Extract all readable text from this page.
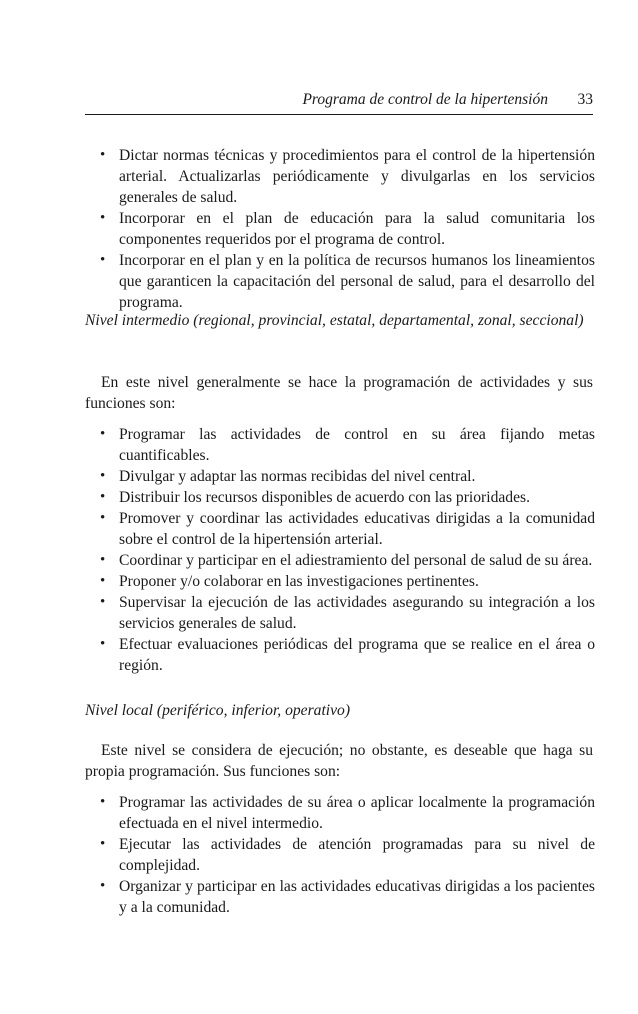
Programa de control de la hipertensión 33
• Dictar normas técnicas y procedimientos para el control de la hipertensión arterial. Actualizarlas periódicamente y divulgarlas en los servicios generales de salud.
• Incorporar en el plan de educación para la salud comunitaria los componentes requeridos por el programa de control.
• Incorporar en el plan y en la política de recursos humanos los lineamientos que garanticen la capacitación del personal de salud, para el desarrollo del programa.
Nivel intermedio (regional, provincial, estatal, departamental, zonal, seccional)
En este nivel generalmente se hace la programación de actividades y sus funciones son:
• Programar las actividades de control en su área fijando metas cuantificables.
• Divulgar y adaptar las normas recibidas del nivel central.
• Distribuir los recursos disponibles de acuerdo con las prioridades.
• Promover y coordinar las actividades educativas dirigidas a la comunidad sobre el control de la hipertensión arterial.
• Coordinar y participar en el adiestramiento del personal de salud de su área.
• Proponer y/o colaborar en las investigaciones pertinentes.
• Supervisar la ejecución de las actividades asegurando su integración a los servicios generales de salud.
• Efectuar evaluaciones periódicas del programa que se realice en el área o región.
Nivel local (periférico, inferior, operativo)
Este nivel se considera de ejecución; no obstante, es deseable que haga su propia programación. Sus funciones son:
• Programar las actividades de su área o aplicar localmente la programación efectuada en el nivel intermedio.
• Ejecutar las actividades de atención programadas para su nivel de complejidad.
• Organizar y participar en las actividades educativas dirigidas a los pacientes y a la comunidad.
